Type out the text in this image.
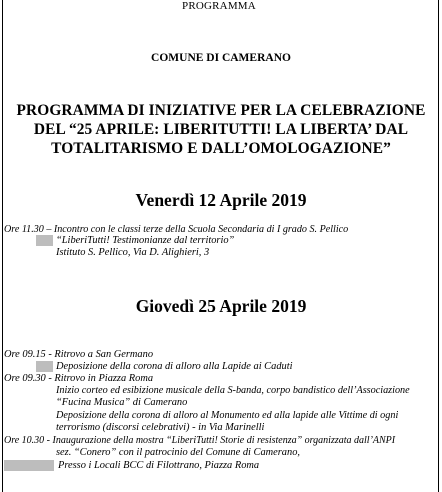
PROGRAMMA
COMUNE DI CAMERANO
PROGRAMMA DI INIZIATIVE PER LA CELEBRAZIONE
DEL “25 APRILE: LIBERITUTTI! LA LIBERTA’ DAL
TOTALITARISMO E DALL’OMOLOGAZIONE”
Venerdì 12 Aprile 2019
Ore 11.30 – Incontro con le classi terze della Scuola Secondaria di I grado S. Pellico
“LiberiTutti! Testimonianze dal territorio”
Istituto S. Pellico, Via D. Alighieri, 3
Giovedì 25 Aprile 2019
Ore 09.15 - Ritrovo a San Germano
Deposizione della corona di alloro alla Lapide ai Caduti
Ore 09.30 - Ritrovo in Piazza Roma
Inizio corteo ed esibizione musicale della S-banda, corpo bandistico dell’Associazione
“Fucina Musica” di Camerano
Deposizione della corona di alloro al Monumento ed alla lapide alle Vittime di ogni
terrorismo (discorsi celebrativi) - in Via Marinelli
Ore 10.30 - Inaugurazione della mostra “LiberiTutti! Storie di resistenza” organizzata dall’ANPI
sez. “Conero” con il patrocinio del Comune di Camerano,
Presso i Locali BCC di Filottrano, Piazza Roma
